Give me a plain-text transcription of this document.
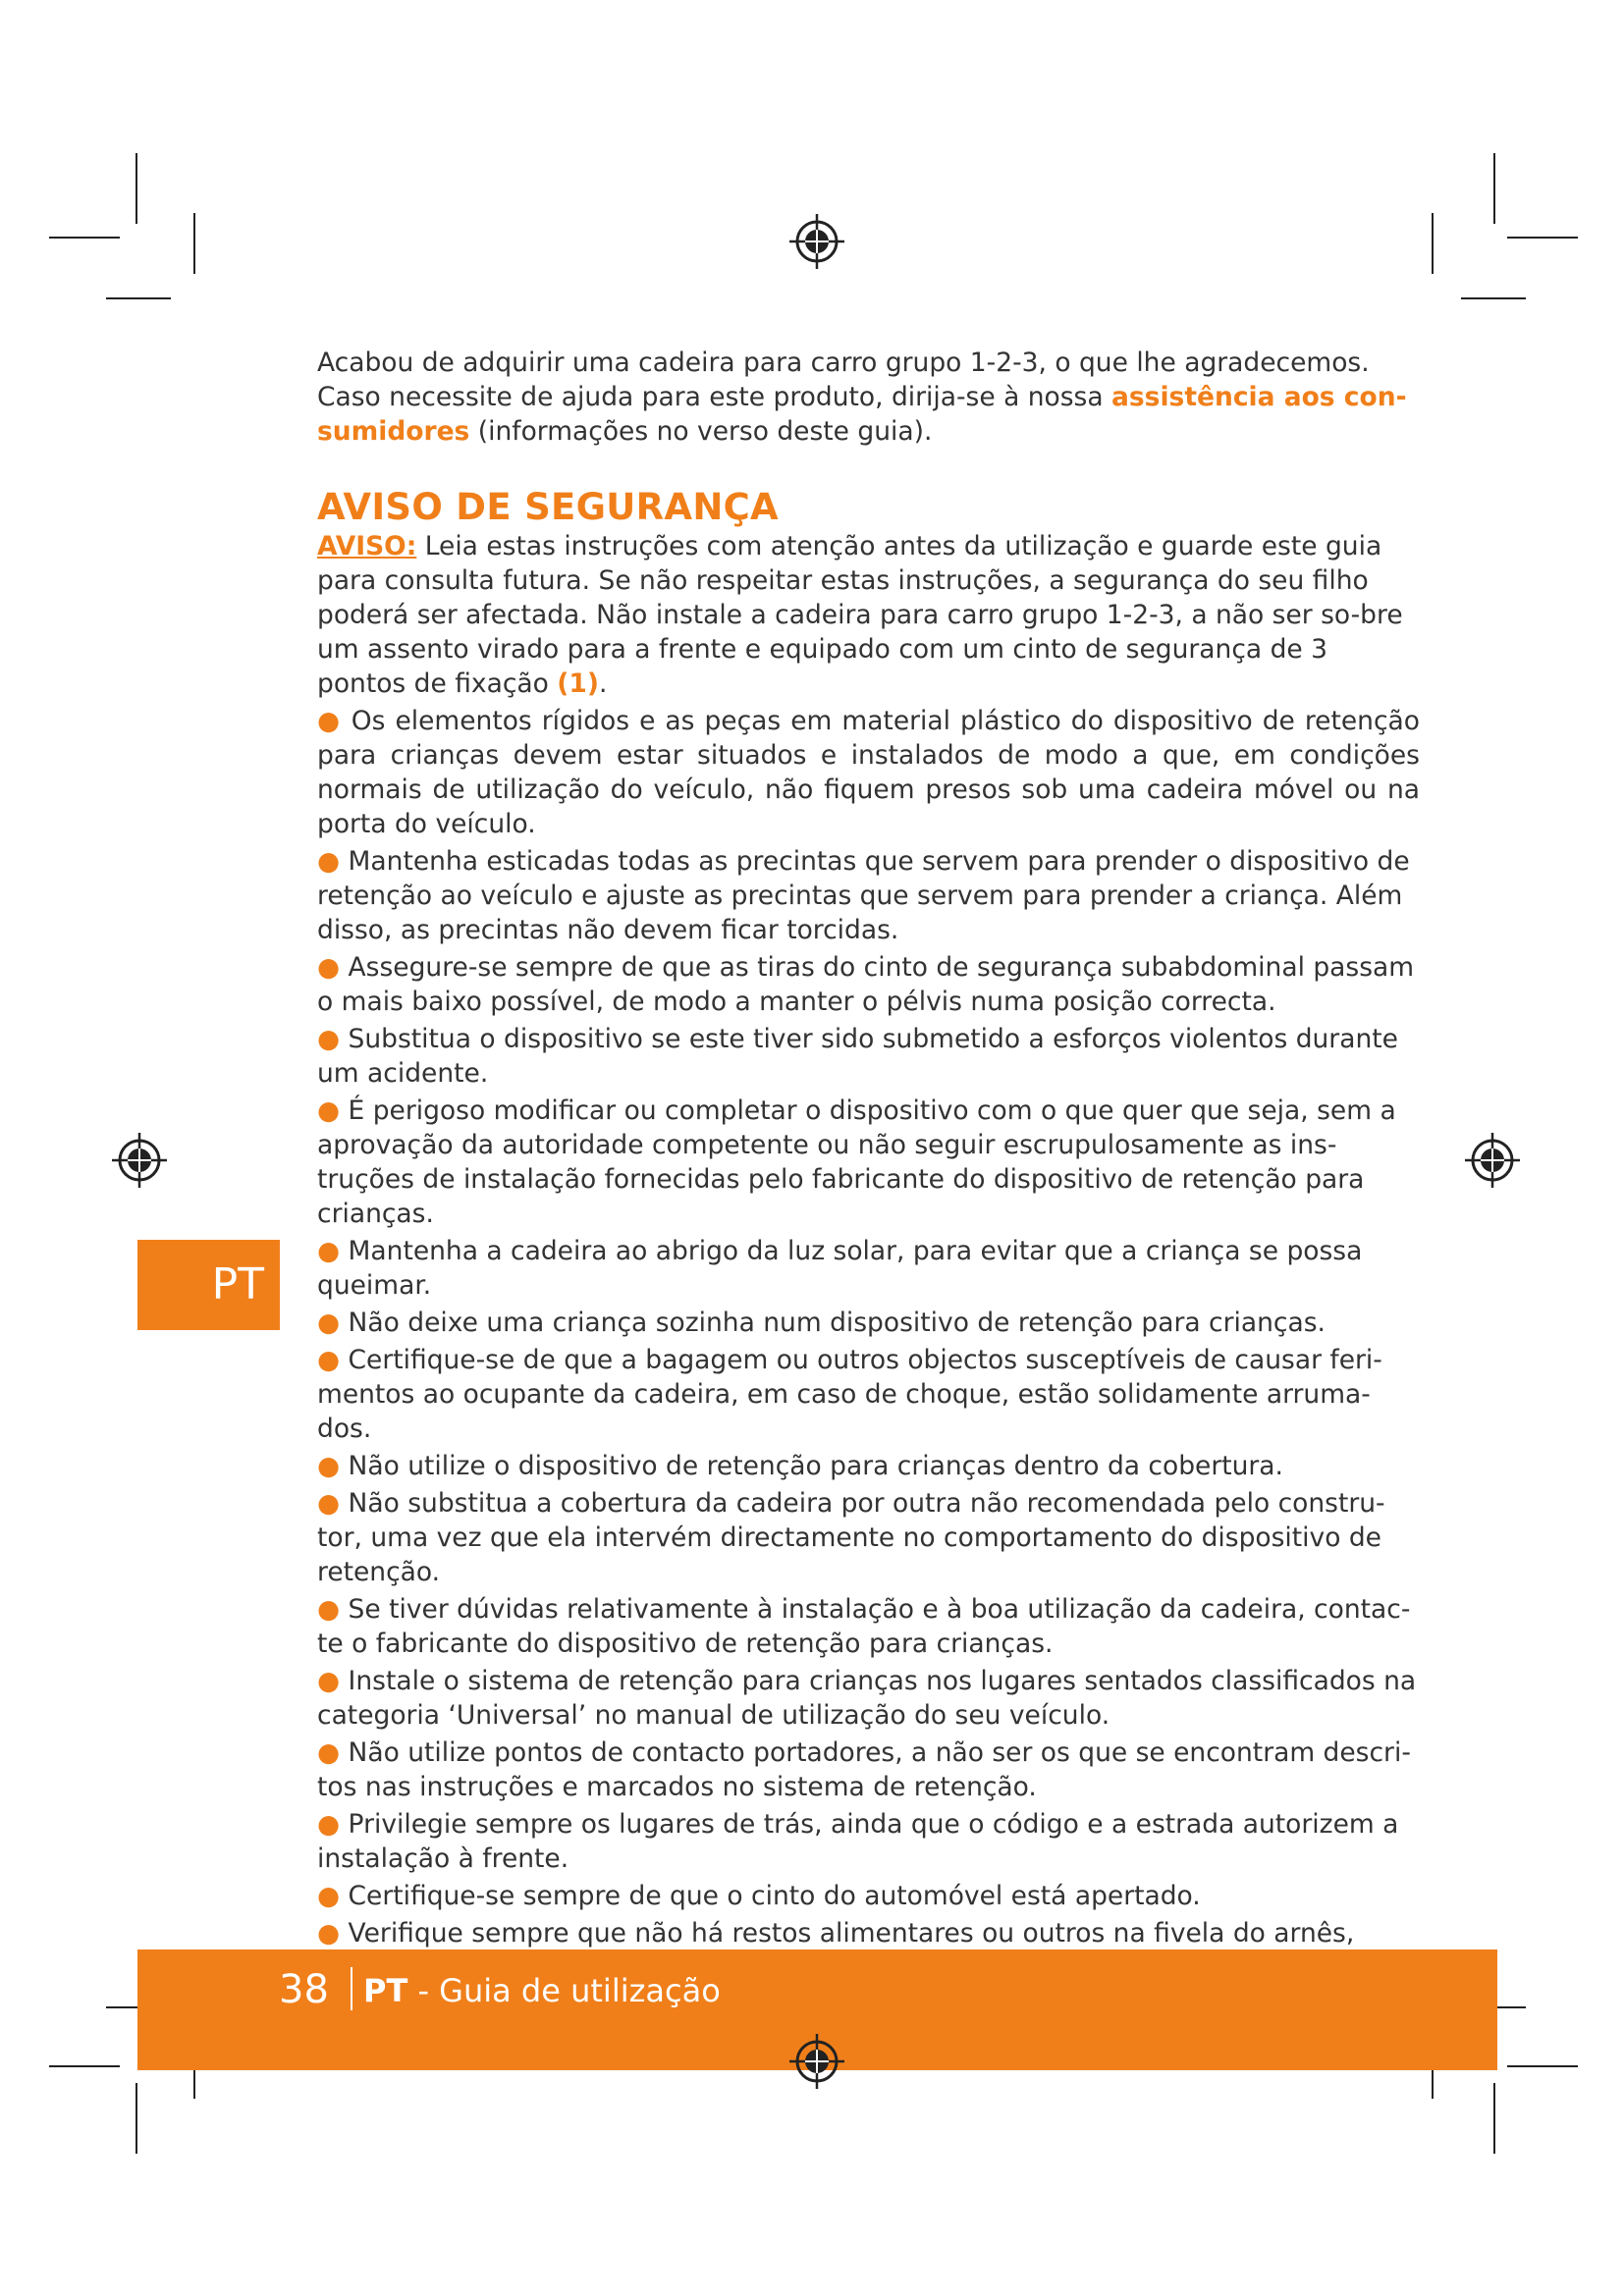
Acabou de adquirir uma cadeira para carro grupo 1-2-3, o que lhe agradecemos.
Caso necessite de ajuda para este produto, dirija-se à nossa assistência aos con-
sumidores (informações no verso deste guia).

AVISO DE SEGURANÇA

AVISO: Leia estas instruções com atenção antes da utilização e guarde este guia para consulta futura. Se não respeitar estas instruções, a segurança do seu filho poderá ser afectada. Não instale a cadeira para carro grupo 1-2-3, a não ser so-bre um assento virado para a frente e equipado com um cinto de segurança de 3 pontos de fixação (1).

● Os elementos rígidos e as peças em material plástico do dispositivo de retenção para crianças devem estar situados e instalados de modo a que, em condições normais de utilização do veículo, não fiquem presos sob uma cadeira móvel ou na porta do veículo.

● Mantenha esticadas todas as precintas que servem para prender o dispositivo de retenção ao veículo e ajuste as precintas que servem para prender a criança. Além disso, as precintas não devem ficar torcidas.

● Assegure-se sempre de que as tiras do cinto de segurança subabdominal passam o mais baixo possível, de modo a manter o pélvis numa posição correcta.

● Substitua o dispositivo se este tiver sido submetido a esforços violentos durante um acidente.

● É perigoso modificar ou completar o dispositivo com o que quer que seja, sem a aprovação da autoridade competente ou não seguir escrupulosamente as ins-truções de instalação fornecidas pelo fabricante do dispositivo de retenção para crianças.

● Mantenha a cadeira ao abrigo da luz solar, para evitar que a criança se possa queimar.

● Não deixe uma criança sozinha num dispositivo de retenção para crianças.

● Certifique-se de que a bagagem ou outros objectos susceptíveis de causar feri-mentos ao ocupante da cadeira, em caso de choque, estão solidamente arruma-dos.

● Não utilize o dispositivo de retenção para crianças dentro da cobertura.

● Não substitua a cobertura da cadeira por outra não recomendada pelo constru-tor, uma vez que ela intervém directamente no comportamento do dispositivo de retenção.

● Se tiver dúvidas relativamente à instalação e à boa utilização da cadeira, contac-te o fabricante do dispositivo de retenção para crianças.

● Instale o sistema de retenção para crianças nos lugares sentados classificados na categoria ‘Universal’ no manual de utilização do seu veículo.

● Não utilize pontos de contacto portadores, a não ser os que se encontram descri-tos nas instruções e marcados no sistema de retenção.

● Privilegie sempre os lugares de trás, ainda que o código e a estrada autorizem a instalação à frente.

● Certifique-se sempre de que o cinto do automóvel está apertado.

● Verifique sempre que não há restos alimentares ou outros na fivela do arnês,

PT
38 PT - Guia de utilização
